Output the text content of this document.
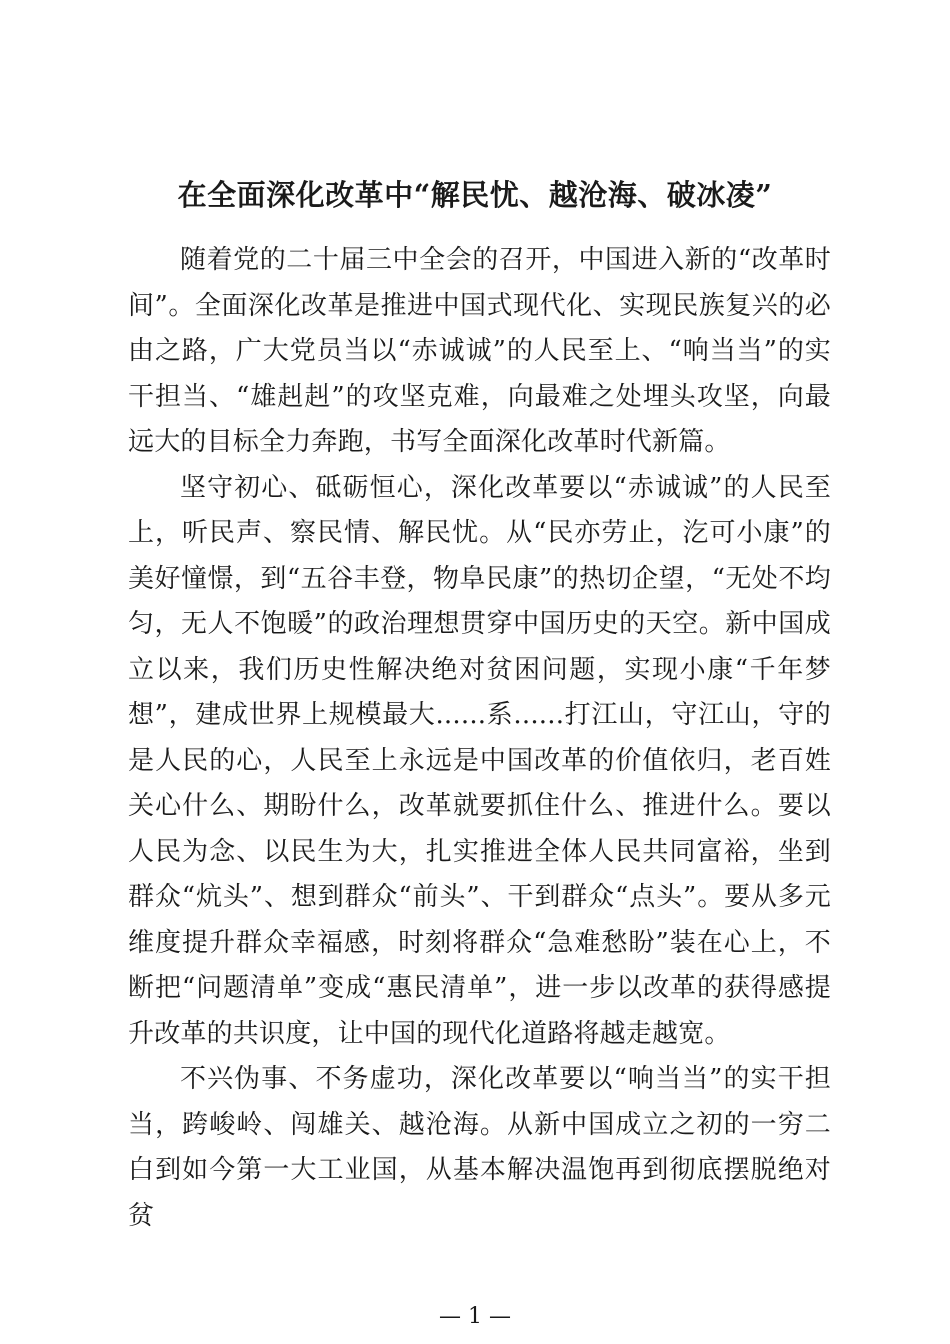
在全面深化改革中“解民忧、越沧海、破冰凌”

随着党的二十届三中全会的召开，中国进入新的“改革时间”。全面深化改革是推进中国式现代化、实现民族复兴的必由之路，广大党员当以“赤诚诚”的人民至上、“响当当”的实干担当、“雄赳赳”的攻坚克难，向最难之处埋头攻坚，向最远大的目标全力奔跑，书写全面深化改革时代新篇。

坚守初心、砥砺恒心，深化改革要以“赤诚诚”的人民至上，听民声、察民情、解民忧。从“民亦劳止，汔可小康”的美好憧憬，到“五谷丰登，物阜民康”的热切企望，“无处不均匀，无人不饱暖”的政治理想贯穿中国历史的天空。新中国成立以来，我们历史性解决绝对贫困问题，实现小康“千年梦想”，建成世界上规模最大......系......打江山，守江山，守的是人民的心，人民至上永远是中国改革的价值依归，老百姓关心什么、期盼什么，改革就要抓住什么、推进什么。要以人民为念、以民生为大，扎实推进全体人民共同富裕，坐到群众“炕头”、想到群众“前头”、干到群众“点头”。要从多元维度提升群众幸福感，时刻将群众“急难愁盼”装在心上，不断把“问题清单”变成“惠民清单”，进一步以改革的获得感提升改革的共识度，让中国的现代化道路将越走越宽。

不兴伪事、不务虚功，深化改革要以“响当当”的实干担当，跨峻岭、闯雄关、越沧海。从新中国成立之初的一穷二白到如今第一大工业国，从基本解决温饱再到彻底摆脱绝对贫

— 1 —
